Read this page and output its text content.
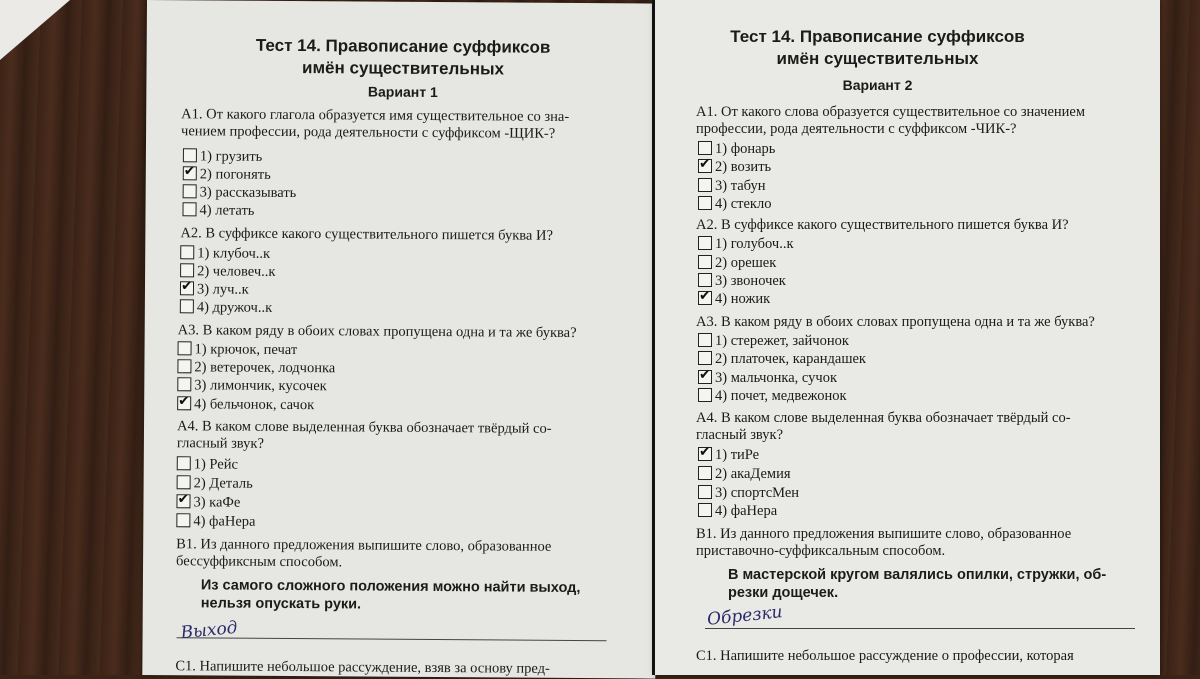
Тест 14. Правописание суффиксов
имён существительных
Вариант 1
A1. От какого глагола образуется имя существительное со зна-
чением профессии, рода деятельности с суффиксом -ЩИК-?
1) грузить
✔2) погонять
3) рассказывать
4) летать
А2. В суффиксе какого существительного пишется буква И?
1) клубоч..к
2) человеч..к
✔3) луч..к
4) дружоч..к
А3. В каком ряду в обоих словах пропущена одна и та же буква?
1) крючок, печат
2) ветерочек, лодчонка
3) лимончик, кусочек
✔4) бельчонок, сачок
А4. В каком слове выделенная буква обозначает твёрдый со-
гласный звук?
1) Рейс
2) Деталь
✔3) каФе
4) фаНера
B1. Из данного предложения выпишите слово, образованное
бессуффиксным способом.
Из самого сложного положения можно найти выход,
нельзя опускать руки.
Выход
С1. Напишите небольшое рассуждение, взяв за основу пред-
Тест 14. Правописание суффиксов
имён существительных
Вариант 2
A1. От какого слова образуется существительное со значением
профессии, рода деятельности с суффиксом -ЧИК-?
1) фонарь
✔2) возить
3) табун
4) стекло
А2. В суффиксе какого существительного пишется буква И?
1) голубоч..к
2) орешек
3) звоночек
✔4) ножик
А3. В каком ряду в обоих словах пропущена одна и та же буква?
1) стережет, зайчонок
2) платочек, карандашек
✔3) мальчонка, сучок
4) почет, медвежонок
А4. В каком слове выделенная буква обозначает твёрдый со-
гласный звук?
✔1) тиРе
2) акаДемия
3) спортсМен
4) фаНера
B1. Из данного предложения выпишите слово, образованное
приставочно-суффиксальным способом.
В мастерской кругом валялись опилки, стружки, об-
резки дощечек.
Обрезки
С1. Напишите небольшое рассуждение о профессии, которая
